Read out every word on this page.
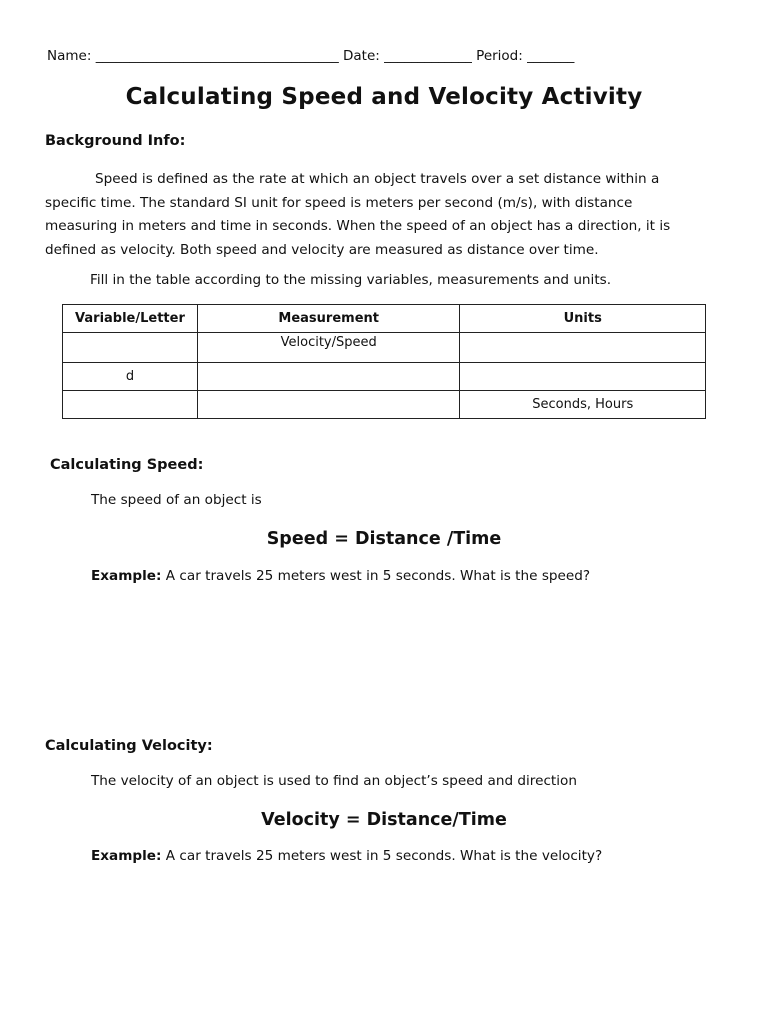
Name: ____________________________________ Date: _____________ Period: _______
Calculating Speed and Velocity Activity
Background Info:
Speed is defined as the rate at which an object travels over a set distance within a specific time. The standard SI unit for speed is meters per second (m/s), with distance measuring in meters and time in seconds. When the speed of an object has a direction, it is defined as velocity. Both speed and velocity are measured as distance over time.
Fill in the table according to the missing variables, measurements and units.
Variable/Letter	Measurement	Units
	Velocity/Speed	
d		
		Seconds, Hours
Calculating Speed:
The speed of an object is
Speed = Distance /Time
Example: A car travels 25 meters west in 5 seconds. What is the speed?
Calculating Velocity:
The velocity of an object is used to find an object’s speed and direction
Velocity = Distance/Time
Example: A car travels 25 meters west in 5 seconds. What is the velocity?
